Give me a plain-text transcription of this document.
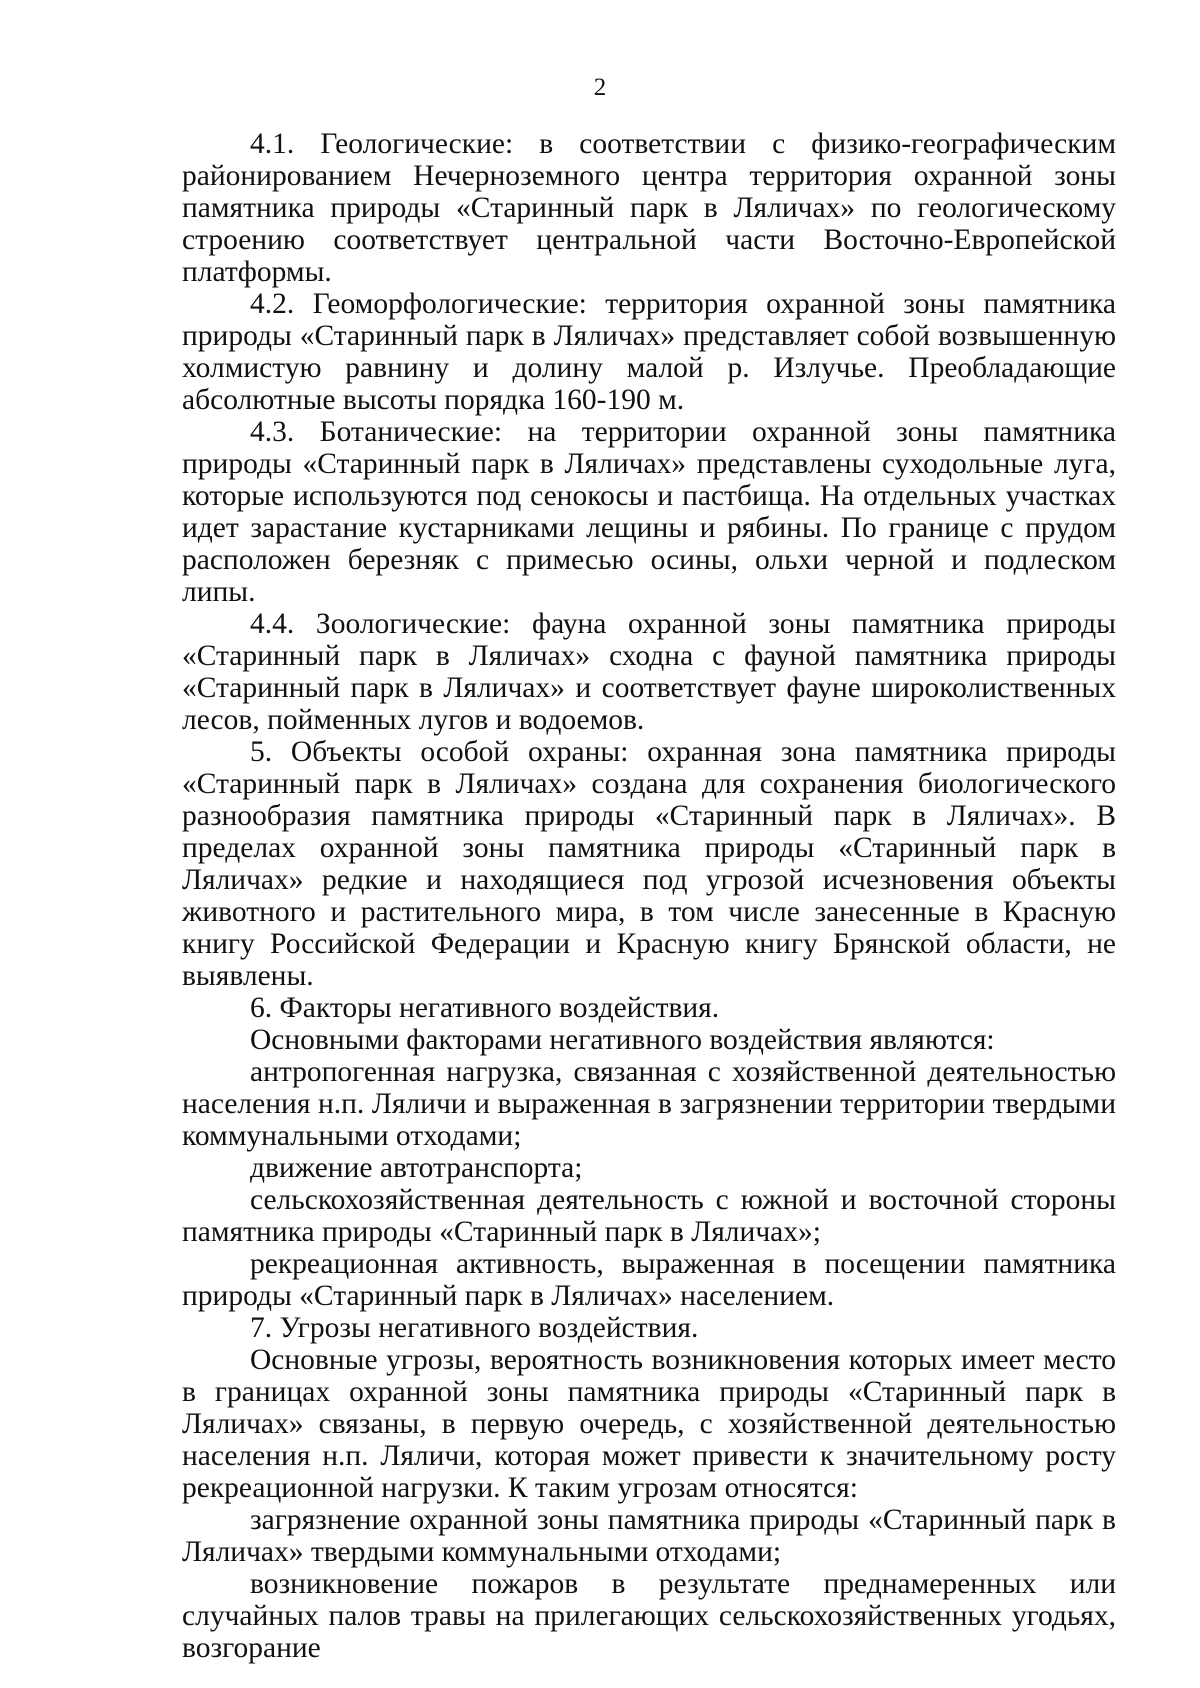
2

4.1. Геологические: в соответствии с физико-географическим районированием Нечерноземного центра территория охранной зоны памятника природы «Старинный парк в Ляличах» по геологическому строению соответствует центральной части Восточно-Европейской платформы.

4.2. Геоморфологические: территория охранной зоны памятника природы «Старинный парк в Ляличах» представляет собой возвышенную холмистую равнину и долину малой р. Излучье. Преобладающие абсолютные высоты порядка 160-190 м.

4.3. Ботанические: на территории охранной зоны памятника природы «Старинный парк в Ляличах» представлены суходольные луга, которые используются под сенокосы и пастбища. На отдельных участках идет зарастание кустарниками лещины и рябины. По границе с прудом расположен березняк с примесью осины, ольхи черной и подлеском липы.

4.4. Зоологические: фауна охранной зоны памятника природы «Старинный парк в Ляличах» сходна с фауной памятника природы «Старинный парк в Ляличах» и соответствует фауне широколиственных лесов, пойменных лугов и водоемов.

5. Объекты особой охраны: охранная зона памятника природы «Старинный парк в Ляличах» создана для сохранения биологического разнообразия памятника природы «Старинный парк в Ляличах». В пределах охранной зоны памятника природы «Старинный парк в Ляличах» редкие и находящиеся под угрозой исчезновения объекты животного и растительного мира, в том числе занесенные в Красную книгу Российской Федерации и Красную книгу Брянской области, не выявлены.

6. Факторы негативного воздействия.

Основными факторами негативного воздействия являются:

антропогенная нагрузка, связанная с хозяйственной деятельностью населения н.п. Ляличи и выраженная в загрязнении территории твердыми коммунальными отходами;

движение автотранспорта;

сельскохозяйственная деятельность с южной и восточной стороны памятника природы «Старинный парк в Ляличах»;

рекреационная активность, выраженная в посещении памятника природы «Старинный парк в Ляличах» населением.

7. Угрозы негативного воздействия.

Основные угрозы, вероятность возникновения которых имеет место в границах охранной зоны памятника природы «Старинный парк в Ляличах» связаны, в первую очередь, с хозяйственной деятельностью населения н.п. Ляличи, которая может привести к значительному росту рекреационной нагрузки. К таким угрозам относятся:

загрязнение охранной зоны памятника природы «Старинный парк в Ляличах» твердыми коммунальными отходами;

возникновение пожаров в результате преднамеренных или случайных палов травы на прилегающих сельскохозяйственных угодьях, возгорание
